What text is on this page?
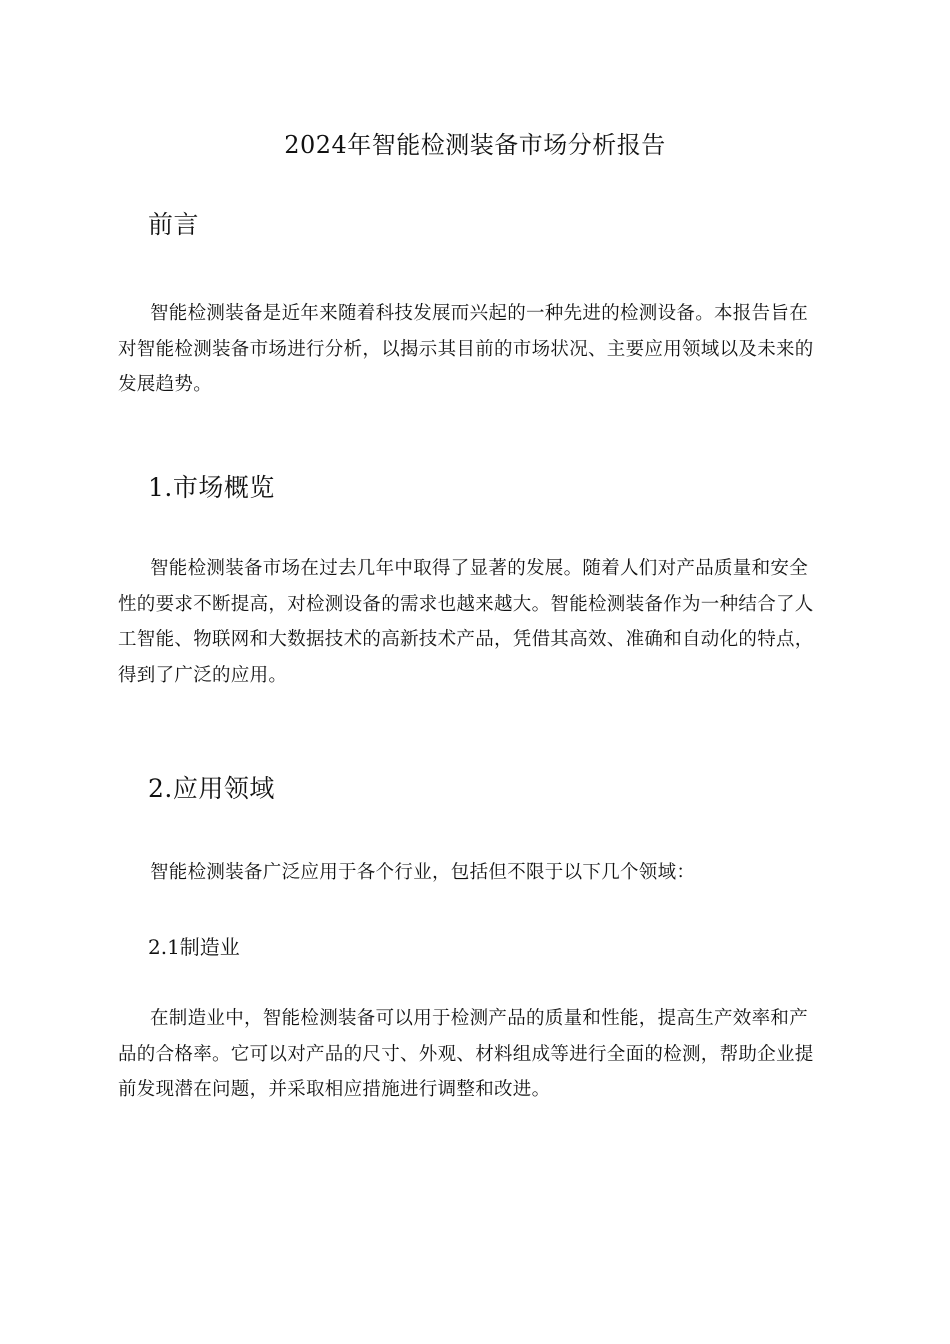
2024年智能检测装备市场分析报告
前言
智能检测装备是近年来随着科技发展而兴起的一种先进的检测设备。本报告旨在
对智能检测装备市场进行分析，以揭示其目前的市场状况、主要应用领域以及未来的
发展趋势。
1.市场概览
智能检测装备市场在过去几年中取得了显著的发展。随着人们对产品质量和安全
性的要求不断提高，对检测设备的需求也越来越大。智能检测装备作为一种结合了人
工智能、物联网和大数据技术的高新技术产品，凭借其高效、准确和自动化的特点，
得到了广泛的应用。
2.应用领域
智能检测装备广泛应用于各个行业，包括但不限于以下几个领域：
2.1制造业
在制造业中，智能检测装备可以用于检测产品的质量和性能，提高生产效率和产
品的合格率。它可以对产品的尺寸、外观、材料组成等进行全面的检测，帮助企业提
前发现潜在问题，并采取相应措施进行调整和改进。
